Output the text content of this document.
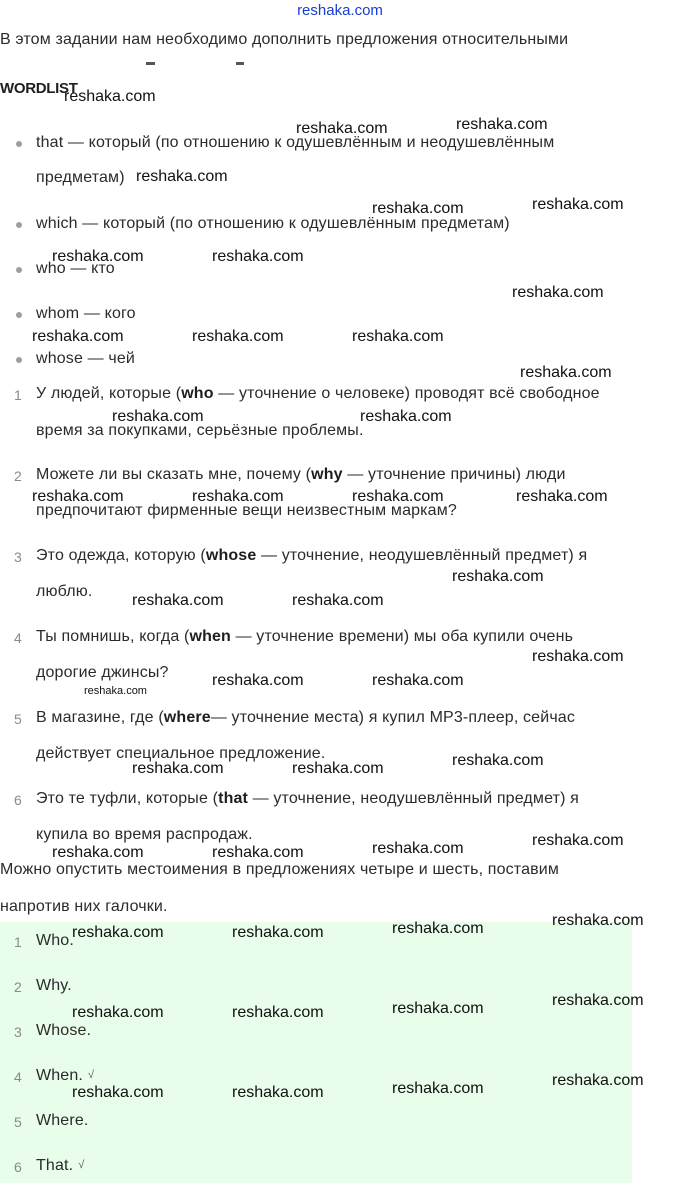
reshaka.com
В этом задании нам необходимо дополнить предложения относительными
WORDLIST
that — который (по отношению к одушевлённым и неодушевлённым
предметам)
which — который (по отношению к одушевлённым предметам)
who — кто
whom — кого
whose — чей
1 У людей, которые (who — уточнение о человеке) проводят всё свободное
время за покупками, серьёзные проблемы.
2 Можете ли вы сказать мне, почему (why — уточнение причины) люди
предпочитают фирменные вещи неизвестным маркам?
3 Это одежда, которую (whose — уточнение, неодушевлённый предмет) я
люблю.
4 Ты помнишь, когда (when — уточнение времени) мы оба купили очень
дорогие джинсы?
5 В магазине, где (where— уточнение места) я купил MP3-плеер, сейчас
действует специальное предложение.
6 Это те туфли, которые (that — уточнение, неодушевлённый предмет) я
купила во время распродаж.
Можно опустить местоимения в предложениях четыре и шесть, поставим
напротив них галочки.
1 Who.
2 Why.
3 Whose.
4 When. √
5 Where.
6 That. √
reshaka.com
reshaka.com	reshaka.com
reshaka.com
reshaka.com	reshaka.com
reshaka.com	reshaka.com
reshaka.com
reshaka.com	reshaka.com	reshaka.com
reshaka.com
reshaka.com	reshaka.com
reshaka.com	reshaka.com	reshaka.com	reshaka.com
reshaka.com
reshaka.com	reshaka.com
reshaka.com
reshaka.com	reshaka.com
reshaka.com
reshaka.com	reshaka.com
reshaka.com
reshaka.com
reshaka.com	reshaka.com
reshaka.com
reshaka.com
reshaka.com	reshaka.com
reshaka.com
reshaka.com
reshaka.com	reshaka.com
reshaka.com
reshaka.com
reshaka.com	reshaka.com
reshaka.com
